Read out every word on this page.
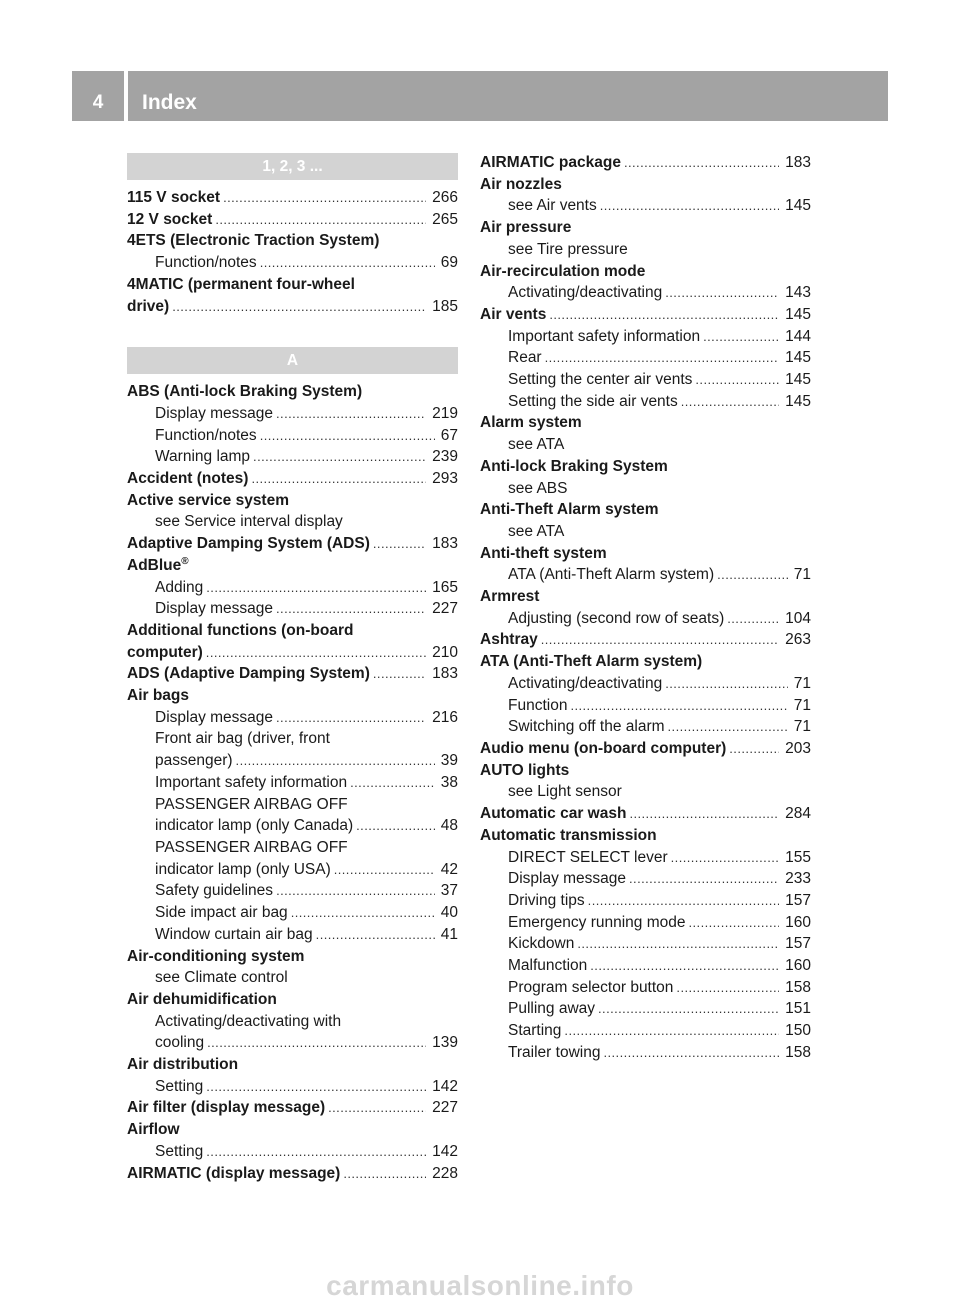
4	Index
1, 2, 3 ...
115 V socket . . .	266
12 V socket . . .	265
4ETS (Electronic Traction System)
Function/notes . . .	69
4MATIC (permanent four-wheel
drive) . . .	185
A
ABS (Anti-lock Braking System)
Display message . . .	219
Function/notes . . .	67
Warning lamp . . .	239
Accident (notes) . . .	293
Active service system
see Service interval display
Adaptive Damping System (ADS) . . .	183
AdBlue®
Adding . . .	165
Display message . . .	227
Additional functions (on-board
computer) . . .	210
ADS (Adaptive Damping System) . . .	183
Air bags
Display message . . .	216
Front air bag (driver, front
passenger) . . .	39
Important safety information . . .	38
PASSENGER AIRBAG OFF
indicator lamp (only Canada) . . .	48
PASSENGER AIRBAG OFF
indicator lamp (only USA) . . .	42
Safety guidelines . . .	37
Side impact air bag . . .	40
Window curtain air bag . . .	41
Air-conditioning system
see Climate control
Air dehumidification
Activating/deactivating with
cooling . . .	139
Air distribution
Setting . . .	142
Air filter (display message) . . .	227
Airflow
Setting . . .	142
AIRMATIC (display message) . . .	228
AIRMATIC package . . .	183
Air nozzles
see Air vents . . .	145
Air pressure
see Tire pressure
Air-recirculation mode
Activating/deactivating . . .	143
Air vents . . .	145
Important safety information . . .	144
Rear . . .	145
Setting the center air vents . . .	145
Setting the side air vents . . .	145
Alarm system
see ATA
Anti-lock Braking System
see ABS
Anti-Theft Alarm system
see ATA
Anti-theft system
ATA (Anti-Theft Alarm system) . . .	71
Armrest
Adjusting (second row of seats) . . .	104
Ashtray . . .	263
ATA (Anti-Theft Alarm system)
Activating/deactivating . . .	71
Function . . .	71
Switching off the alarm . . .	71
Audio menu (on-board computer) . . .	203
AUTO lights
see Light sensor
Automatic car wash . . .	284
Automatic transmission
DIRECT SELECT lever . . .	155
Display message . . .	233
Driving tips . . .	157
Emergency running mode . . .	160
Kickdown . . .	157
Malfunction . . .	160
Program selector button . . .	158
Pulling away . . .	151
Starting . . .	150
Trailer towing . . .	158
carmanualsonline.info
